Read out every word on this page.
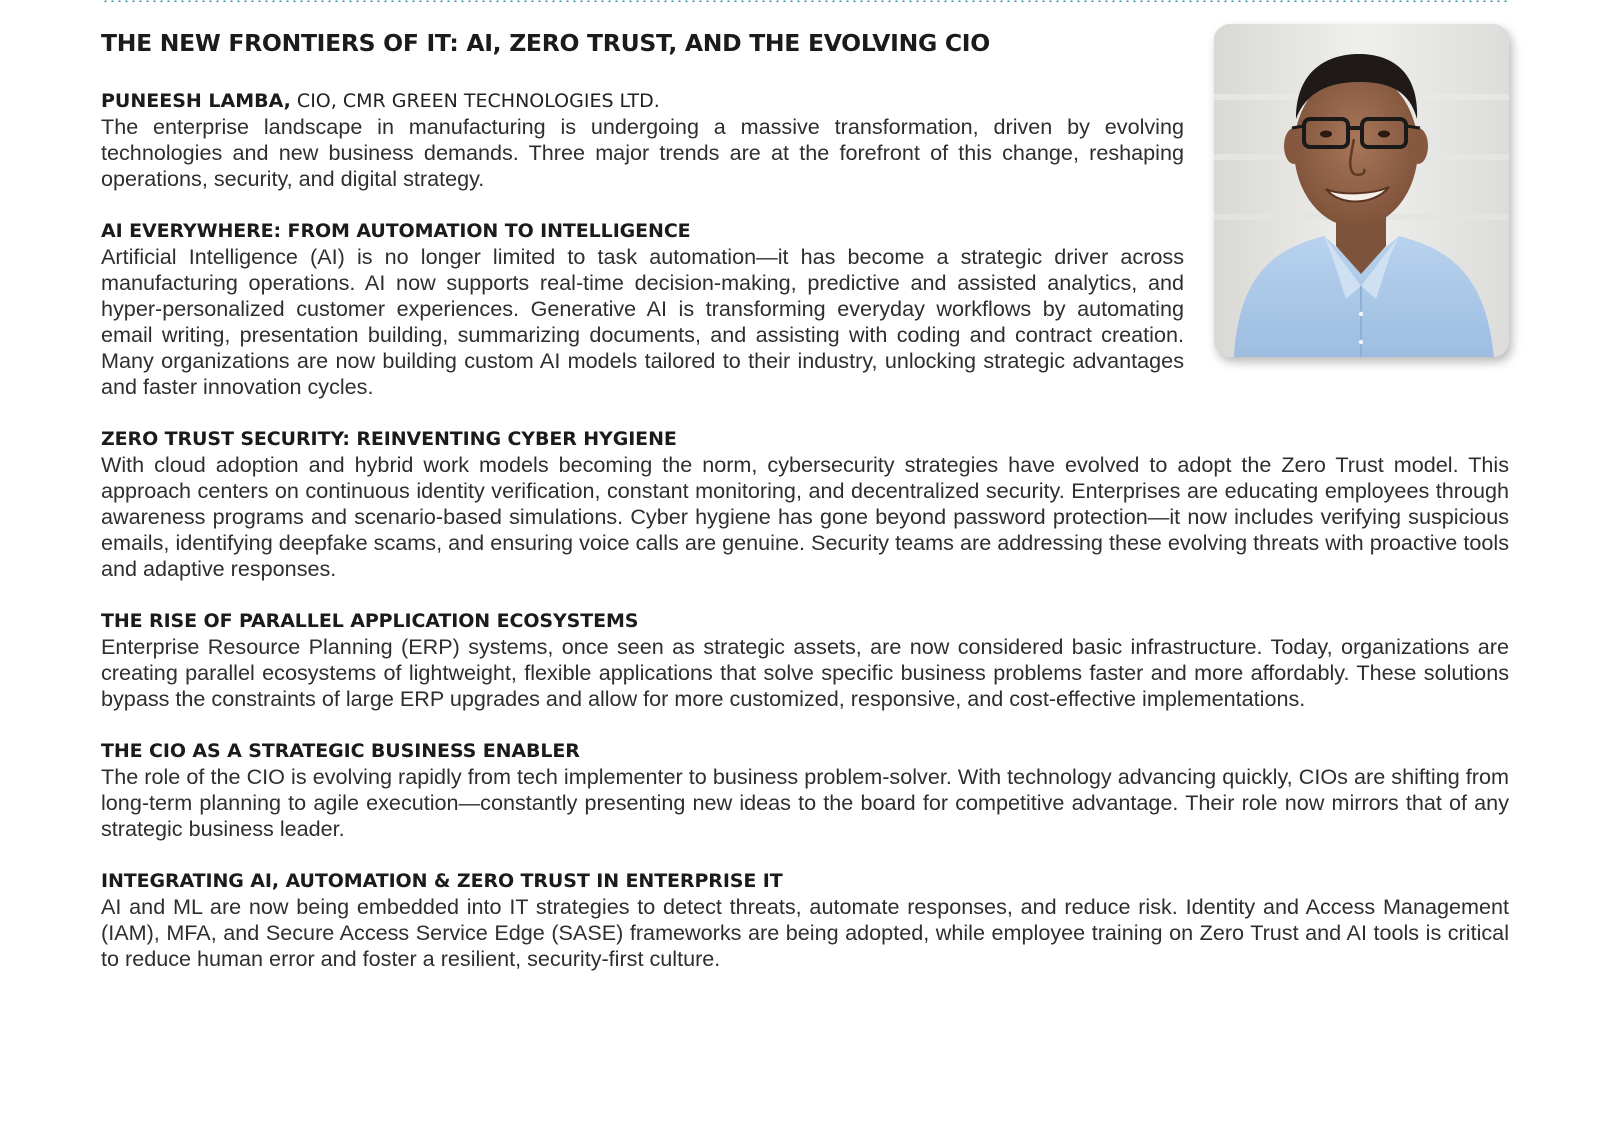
THE NEW FRONTIERS OF IT: AI, ZERO TRUST, AND THE EVOLVING CIO
PUNEESH LAMBA, CIO, CMR GREEN TECHNOLOGIES LTD.

The enterprise landscape in manufacturing is undergoing a massive transformation, driven by evolving technologies and new business demands. Three major trends are at the forefront of this change, reshaping operations, security, and digital strategy.

AI EVERYWHERE: FROM AUTOMATION TO INTELLIGENCE

Artificial Intelligence (AI) is no longer limited to task automation—it has become a strategic driver across manufacturing operations. AI now supports real-time decision-making, predictive and assisted analytics, and hyper-personalized customer experiences. Generative AI is transforming everyday workflows by automating email writing, presentation building, summarizing documents, and assisting with coding and contract creation. Many organizations are now building custom AI models tailored to their industry, unlocking strategic advantages and faster innovation cycles.

ZERO TRUST SECURITY: REINVENTING CYBER HYGIENE

With cloud adoption and hybrid work models becoming the norm, cybersecurity strategies have evolved to adopt the Zero Trust model. This approach centers on continuous identity verification, constant monitoring, and decentralized security. Enterprises are educating employees through awareness programs and scenario-based simulations. Cyber hygiene has gone beyond password protection—it now includes verifying suspicious emails, identifying deepfake scams, and ensuring voice calls are genuine. Security teams are addressing these evolving threats with proactive tools and adaptive responses.

THE RISE OF PARALLEL APPLICATION ECOSYSTEMS

Enterprise Resource Planning (ERP) systems, once seen as strategic assets, are now considered basic infrastructure. Today, organizations are creating parallel ecosystems of lightweight, flexible applications that solve specific business problems faster and more affordably. These solutions bypass the constraints of large ERP upgrades and allow for more customized, responsive, and cost-effective implementations.

THE CIO AS A STRATEGIC BUSINESS ENABLER

The role of the CIO is evolving rapidly from tech implementer to business problem-solver. With technology advancing quickly, CIOs are shifting from long-term planning to agile execution—constantly presenting new ideas to the board for competitive advantage. Their role now mirrors that of any strategic business leader.

INTEGRATING AI, AUTOMATION & ZERO TRUST IN ENTERPRISE IT

AI and ML are now being embedded into IT strategies to detect threats, automate responses, and reduce risk. Identity and Access Management (IAM), MFA, and Secure Access Service Edge (SASE) frameworks are being adopted, while employee training on Zero Trust and AI tools is critical to reduce human error and foster a resilient, security-first culture.
